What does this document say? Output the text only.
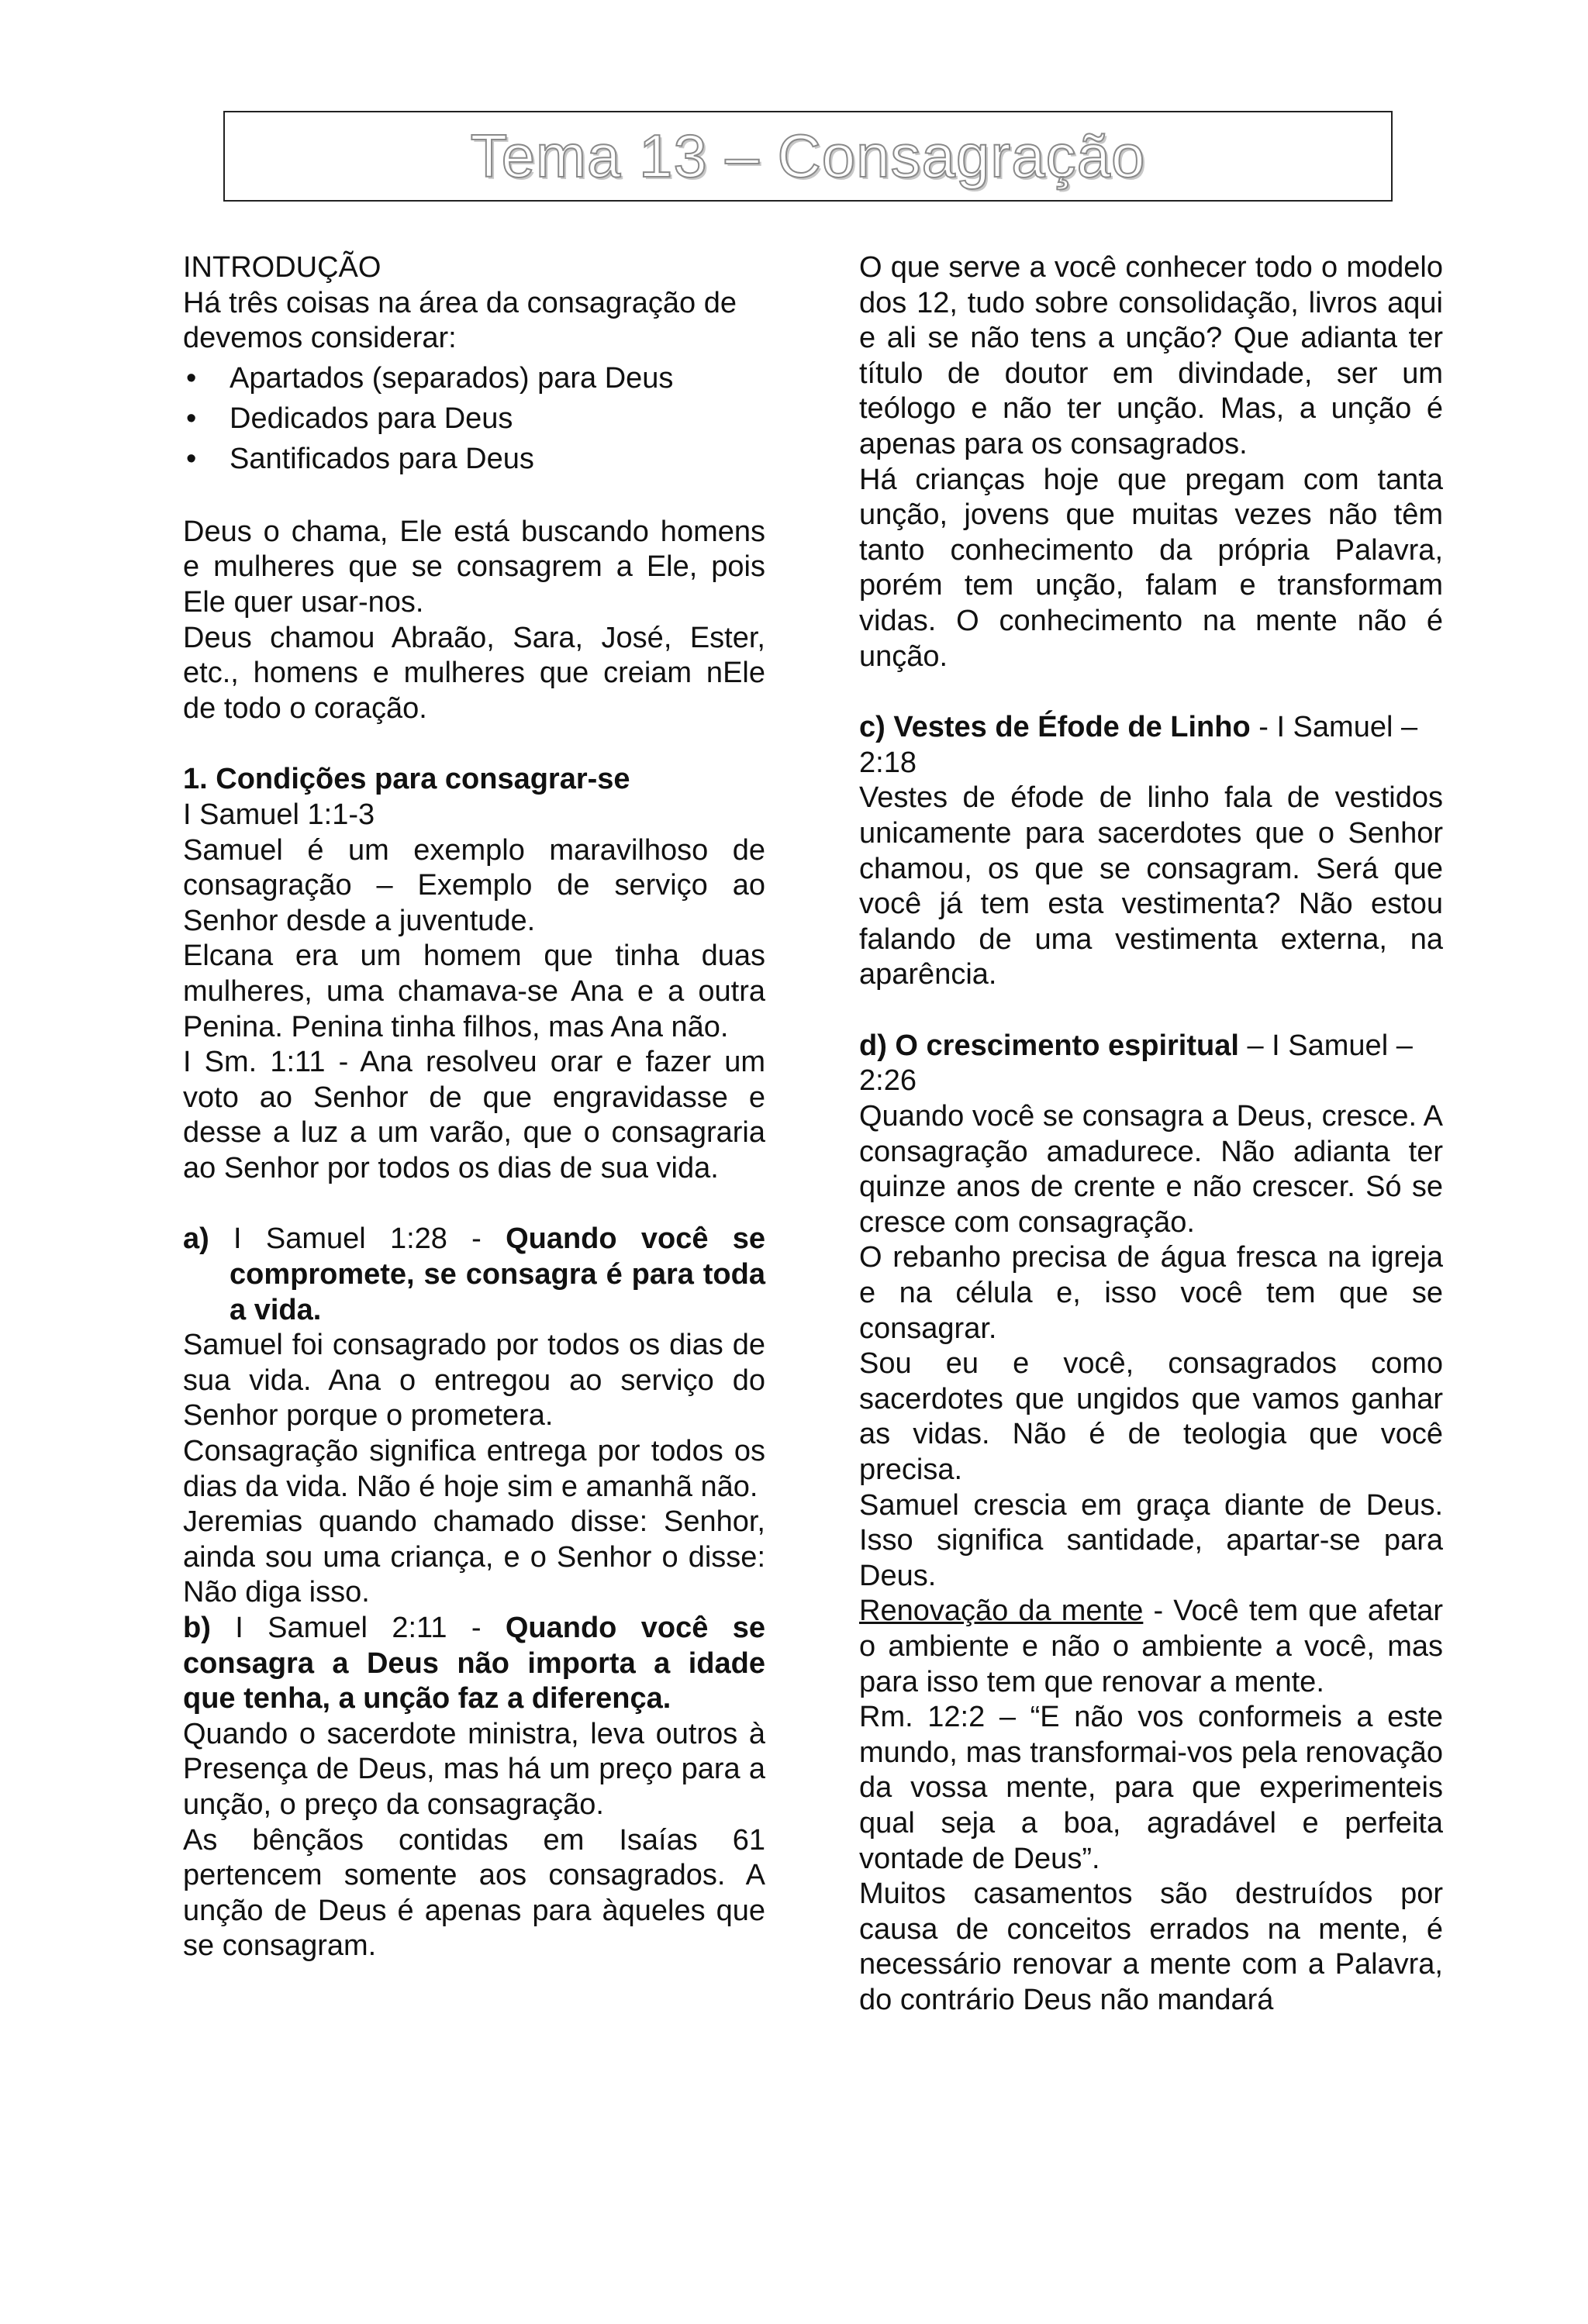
Tema 13 – Consagração

INTRODUÇÃO

Há três coisas na área da consagração de devemos considerar:

• Apartados (separados) para Deus
• Dedicados para Deus
• Santificados para Deus

Deus o chama, Ele está buscando homens e mulheres que se consagrem a Ele, pois Ele quer usar-nos.

Deus chamou Abraão, Sara, José, Ester, etc., homens e mulheres que creiam nEle de todo o coração.

1. Condições para consagrar-se

I Samuel 1:1-3

Samuel é um exemplo maravilhoso de consagração – Exemplo de serviço ao Senhor desde a juventude.

Elcana era um homem que tinha duas mulheres, uma chamava-se Ana e a outra Penina. Penina tinha filhos, mas Ana não.

I Sm. 1:11 - Ana resolveu orar e fazer um voto ao Senhor de que engravidasse e desse a luz a um varão, que o consagraria ao Senhor por todos os dias de sua vida.

a) I Samuel 1:28 - Quando você se compromete, se consagra é para toda a vida.

Samuel foi consagrado por todos os dias de sua vida. Ana o entregou ao serviço do Senhor porque o prometera.

Consagração significa entrega por todos os dias da vida. Não é hoje sim e amanhã não.

Jeremias quando chamado disse: Senhor, ainda sou uma criança, e o Senhor o disse: Não diga isso.

b) I Samuel 2:11 - Quando você se consagra a Deus não importa a idade que tenha, a unção faz a diferença.

Quando o sacerdote ministra, leva outros à Presença de Deus, mas há um preço para a unção, o preço da consagração.

As bênçãos contidas em Isaías 61 pertencem somente aos consagrados. A unção de Deus é apenas para àqueles que se consagram.

O que serve a você conhecer todo o modelo dos 12, tudo sobre consolidação, livros aqui e ali se não tens a unção? Que adianta ter título de doutor em divindade, ser um teólogo e não ter unção. Mas, a unção é apenas para os consagrados.

Há crianças hoje que pregam com tanta unção, jovens que muitas vezes não têm tanto conhecimento da própria Palavra, porém tem unção, falam e transformam vidas. O conhecimento na mente não é unção.

c) Vestes de Éfode de Linho - I Samuel – 2:18

Vestes de éfode de linho fala de vestidos unicamente para sacerdotes que o Senhor chamou, os que se consagram. Será que você já tem esta vestimenta? Não estou falando de uma vestimenta externa, na aparência.

d) O crescimento espiritual – I Samuel – 2:26

Quando você se consagra a Deus, cresce. A consagração amadurece. Não adianta ter quinze anos de crente e não crescer. Só se cresce com consagração.

O rebanho precisa de água fresca na igreja e na célula e, isso você tem que se consagrar.

Sou eu e você, consagrados como sacerdotes que ungidos que vamos ganhar as vidas. Não é de teologia que você precisa.

Samuel crescia em graça diante de Deus. Isso significa santidade, apartar-se para Deus.

Renovação da mente - Você tem que afetar o ambiente e não o ambiente a você, mas para isso tem que renovar a mente.

Rm. 12:2 – “E não vos conformeis a este mundo, mas transformai-vos pela renovação da vossa mente, para que experimenteis qual seja a boa, agradável e perfeita vontade de Deus”.

Muitos casamentos são destruídos por causa de conceitos errados na mente, é necessário renovar a mente com a Palavra, do contrário Deus não mandará
